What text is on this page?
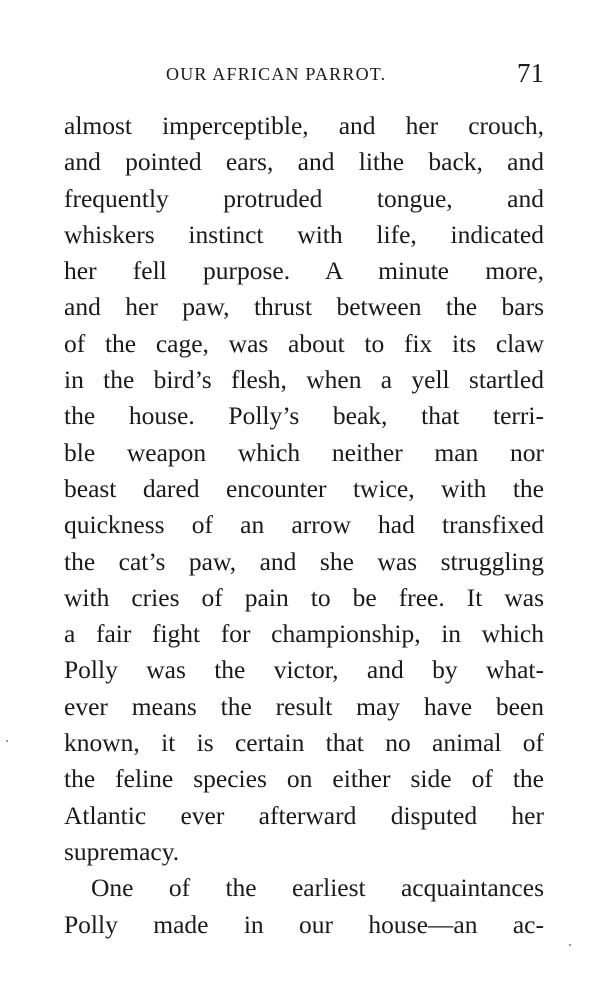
OUR AFRICAN PARROT.	71
almost imperceptible, and her crouch,
and pointed ears, and lithe back, and
frequently protruded tongue, and
whiskers instinct with life, indicated
her fell purpose. A minute more,
and her paw, thrust between the bars
of the cage, was about to fix its claw
in the bird’s flesh, when a yell startled
the house. Polly’s beak, that terri-
ble weapon which neither man nor
beast dared encounter twice, with the
quickness of an arrow had transfixed
the cat’s paw, and she was struggling
with cries of pain to be free. It was
a fair fight for championship, in which
Polly was the victor, and by what-
ever means the result may have been
known, it is certain that no animal of
the feline species on either side of the
Atlantic ever afterward disputed her
supremacy.
One of the earliest acquaintances
Polly made in our house—an ac-
